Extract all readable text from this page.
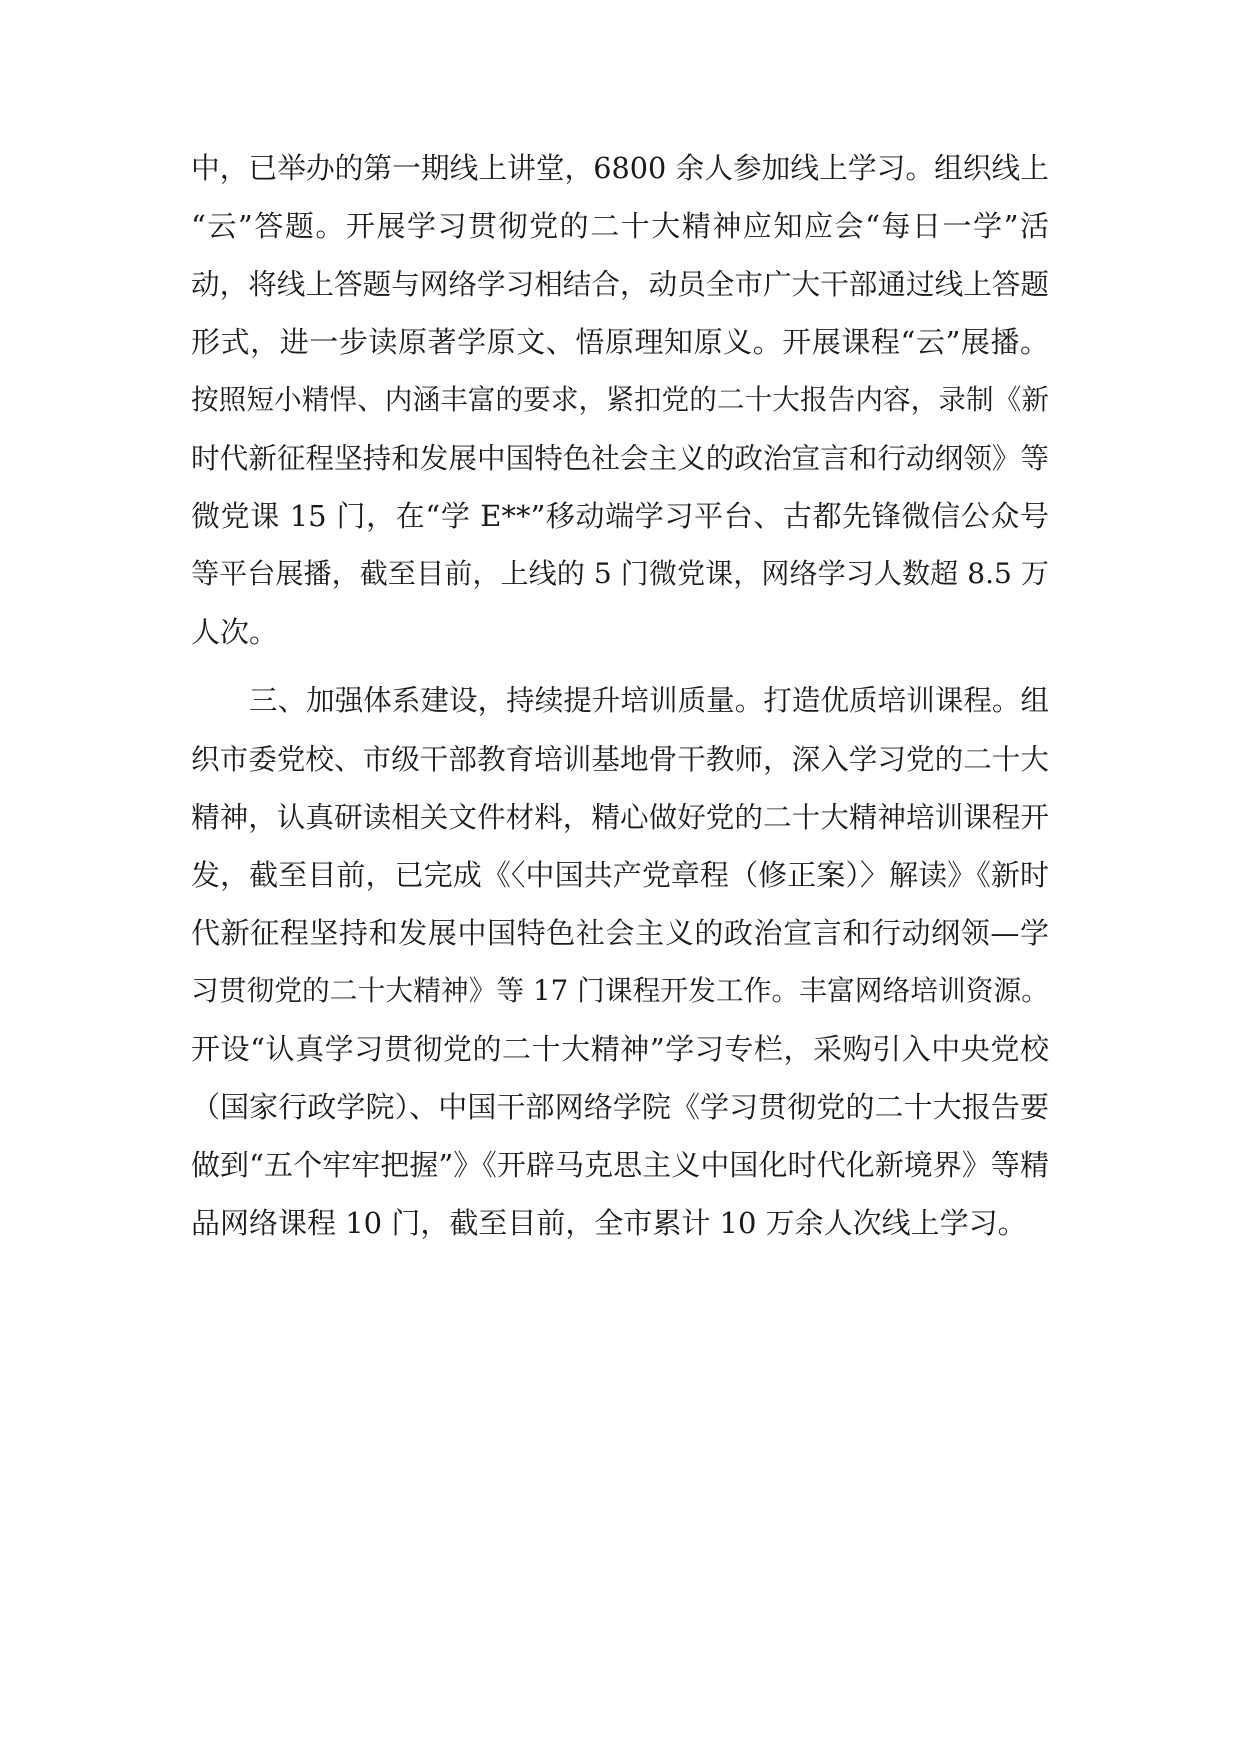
中，已举办的第一期线上讲堂，6800 余人参加线上学习。组织线上
“云”答题。开展学习贯彻党的二十大精神应知应会“每日一学”活
动，将线上答题与网络学习相结合，动员全市广大干部通过线上答题
形式，进一步读原著学原文、悟原理知原义。开展课程“云”展播。
按照短小精悍、内涵丰富的要求，紧扣党的二十大报告内容，录制《新
时代新征程坚持和发展中国特色社会主义的政治宣言和行动纲领》等
微党课 15 门，在“学 E**”移动端学习平台、古都先锋微信公众号
等平台展播，截至目前，上线的 5 门微党课，网络学习人数超 8.5 万
人次。
三、加强体系建设，持续提升培训质量。打造优质培训课程。组
织市委党校、市级干部教育培训基地骨干教师，深入学习党的二十大
精神，认真研读相关文件材料，精心做好党的二十大精神培训课程开
发，截至目前，已完成《〈中国共产党章程（修正案）〉解读》《新时
代新征程坚持和发展中国特色社会主义的政治宣言和行动纲领—学
习贯彻党的二十大精神》等 17 门课程开发工作。丰富网络培训资源。
开设“认真学习贯彻党的二十大精神”学习专栏，采购引入中央党校
（国家行政学院）、中国干部网络学院《学习贯彻党的二十大报告要
做到“五个牢牢把握”》《开辟马克思主义中国化时代化新境界》等精
品网络课程 10 门，截至目前，全市累计 10 万余人次线上学习。
